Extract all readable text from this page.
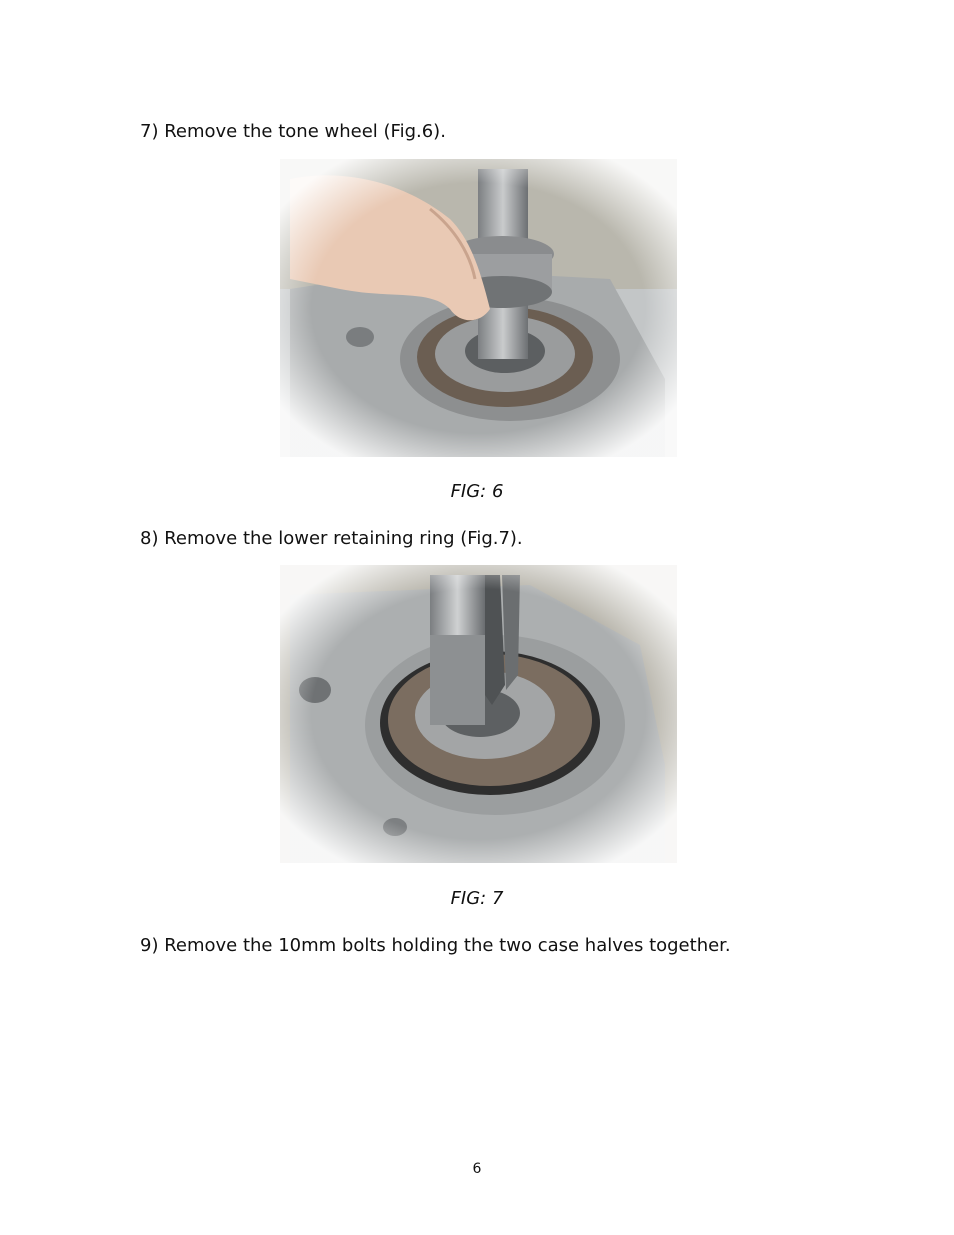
7) Remove the tone wheel (Fig.6).
FIG: 6
8) Remove the lower retaining ring (Fig.7).
FIG: 7
9) Remove the 10mm bolts holding the two case halves together.
6
